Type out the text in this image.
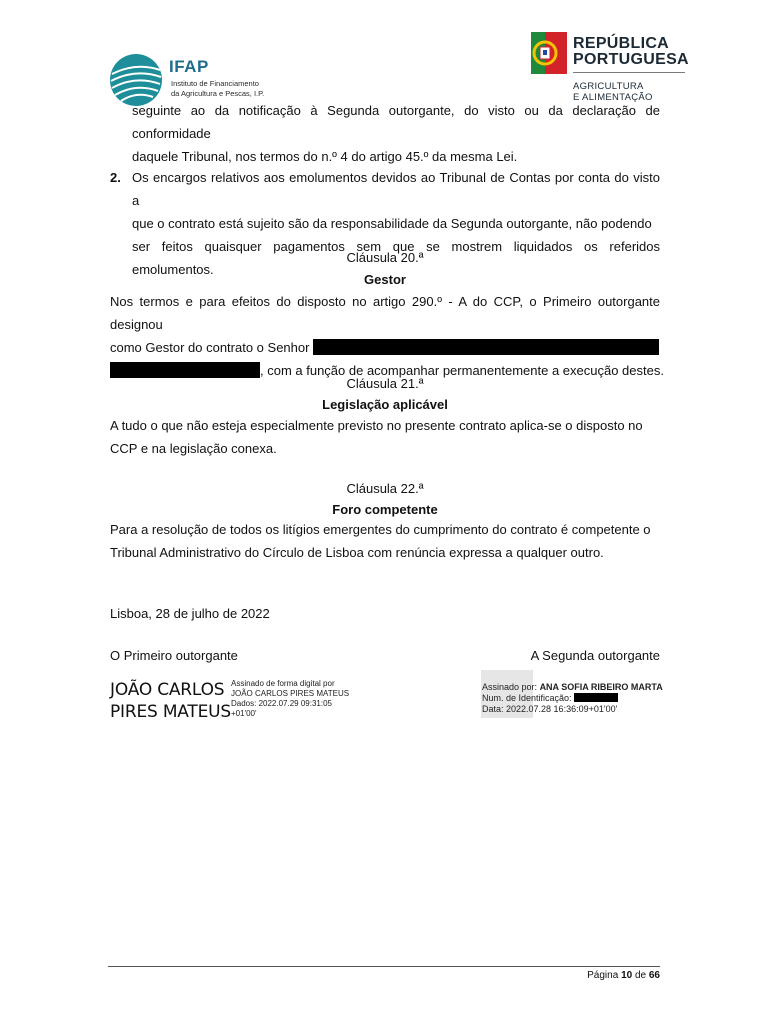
IFAP
Instituto de Financiamento
da Agricultura e Pescas, I.P.
REPÚBLICA
PORTUGUESA
AGRICULTURA
E ALIMENTAÇÃO
seguinte ao da notificação à Segunda outorgante, do visto ou da declaração de conformidade
daquele Tribunal, nos termos do n.º 4 do artigo 45.º da mesma Lei.
2. Os encargos relativos aos emolumentos devidos ao Tribunal de Contas por conta do visto a
que o contrato está sujeito são da responsabilidade da Segunda outorgante, não podendo
ser feitos quaisquer pagamentos sem que se mostrem liquidados os referidos emolumentos.
Cláusula 20.ª
Gestor
Nos termos e para efeitos do disposto no artigo 290.º - A do CCP, o Primeiro outorgante designou
como Gestor do contrato o Senhor
, com a função de acompanhar permanentemente a execução destes.
Cláusula 21.ª
Legislação aplicável
A tudo o que não esteja especialmente previsto no presente contrato aplica-se o disposto no
CCP e na legislação conexa.
Cláusula 22.ª
Foro competente
Para a resolução de todos os litígios emergentes do cumprimento do contrato é competente o
Tribunal Administrativo do Círculo de Lisboa com renúncia expressa a qualquer outro.
Lisboa, 28 de julho de 2022
O Primeiro outorgante	A Segunda outorgante
JOÃO CARLOS
PIRES MATEUS
Assinado de forma digital por
JOÃO CARLOS PIRES MATEUS
Dados: 2022.07.29 09:31:05
+01'00'
Assinado por: ANA SOFIA RIBEIRO MARTA
Num. de Identificação:
Data: 2022.07.28 16:36:09+01'00'
Página 10 de 66
